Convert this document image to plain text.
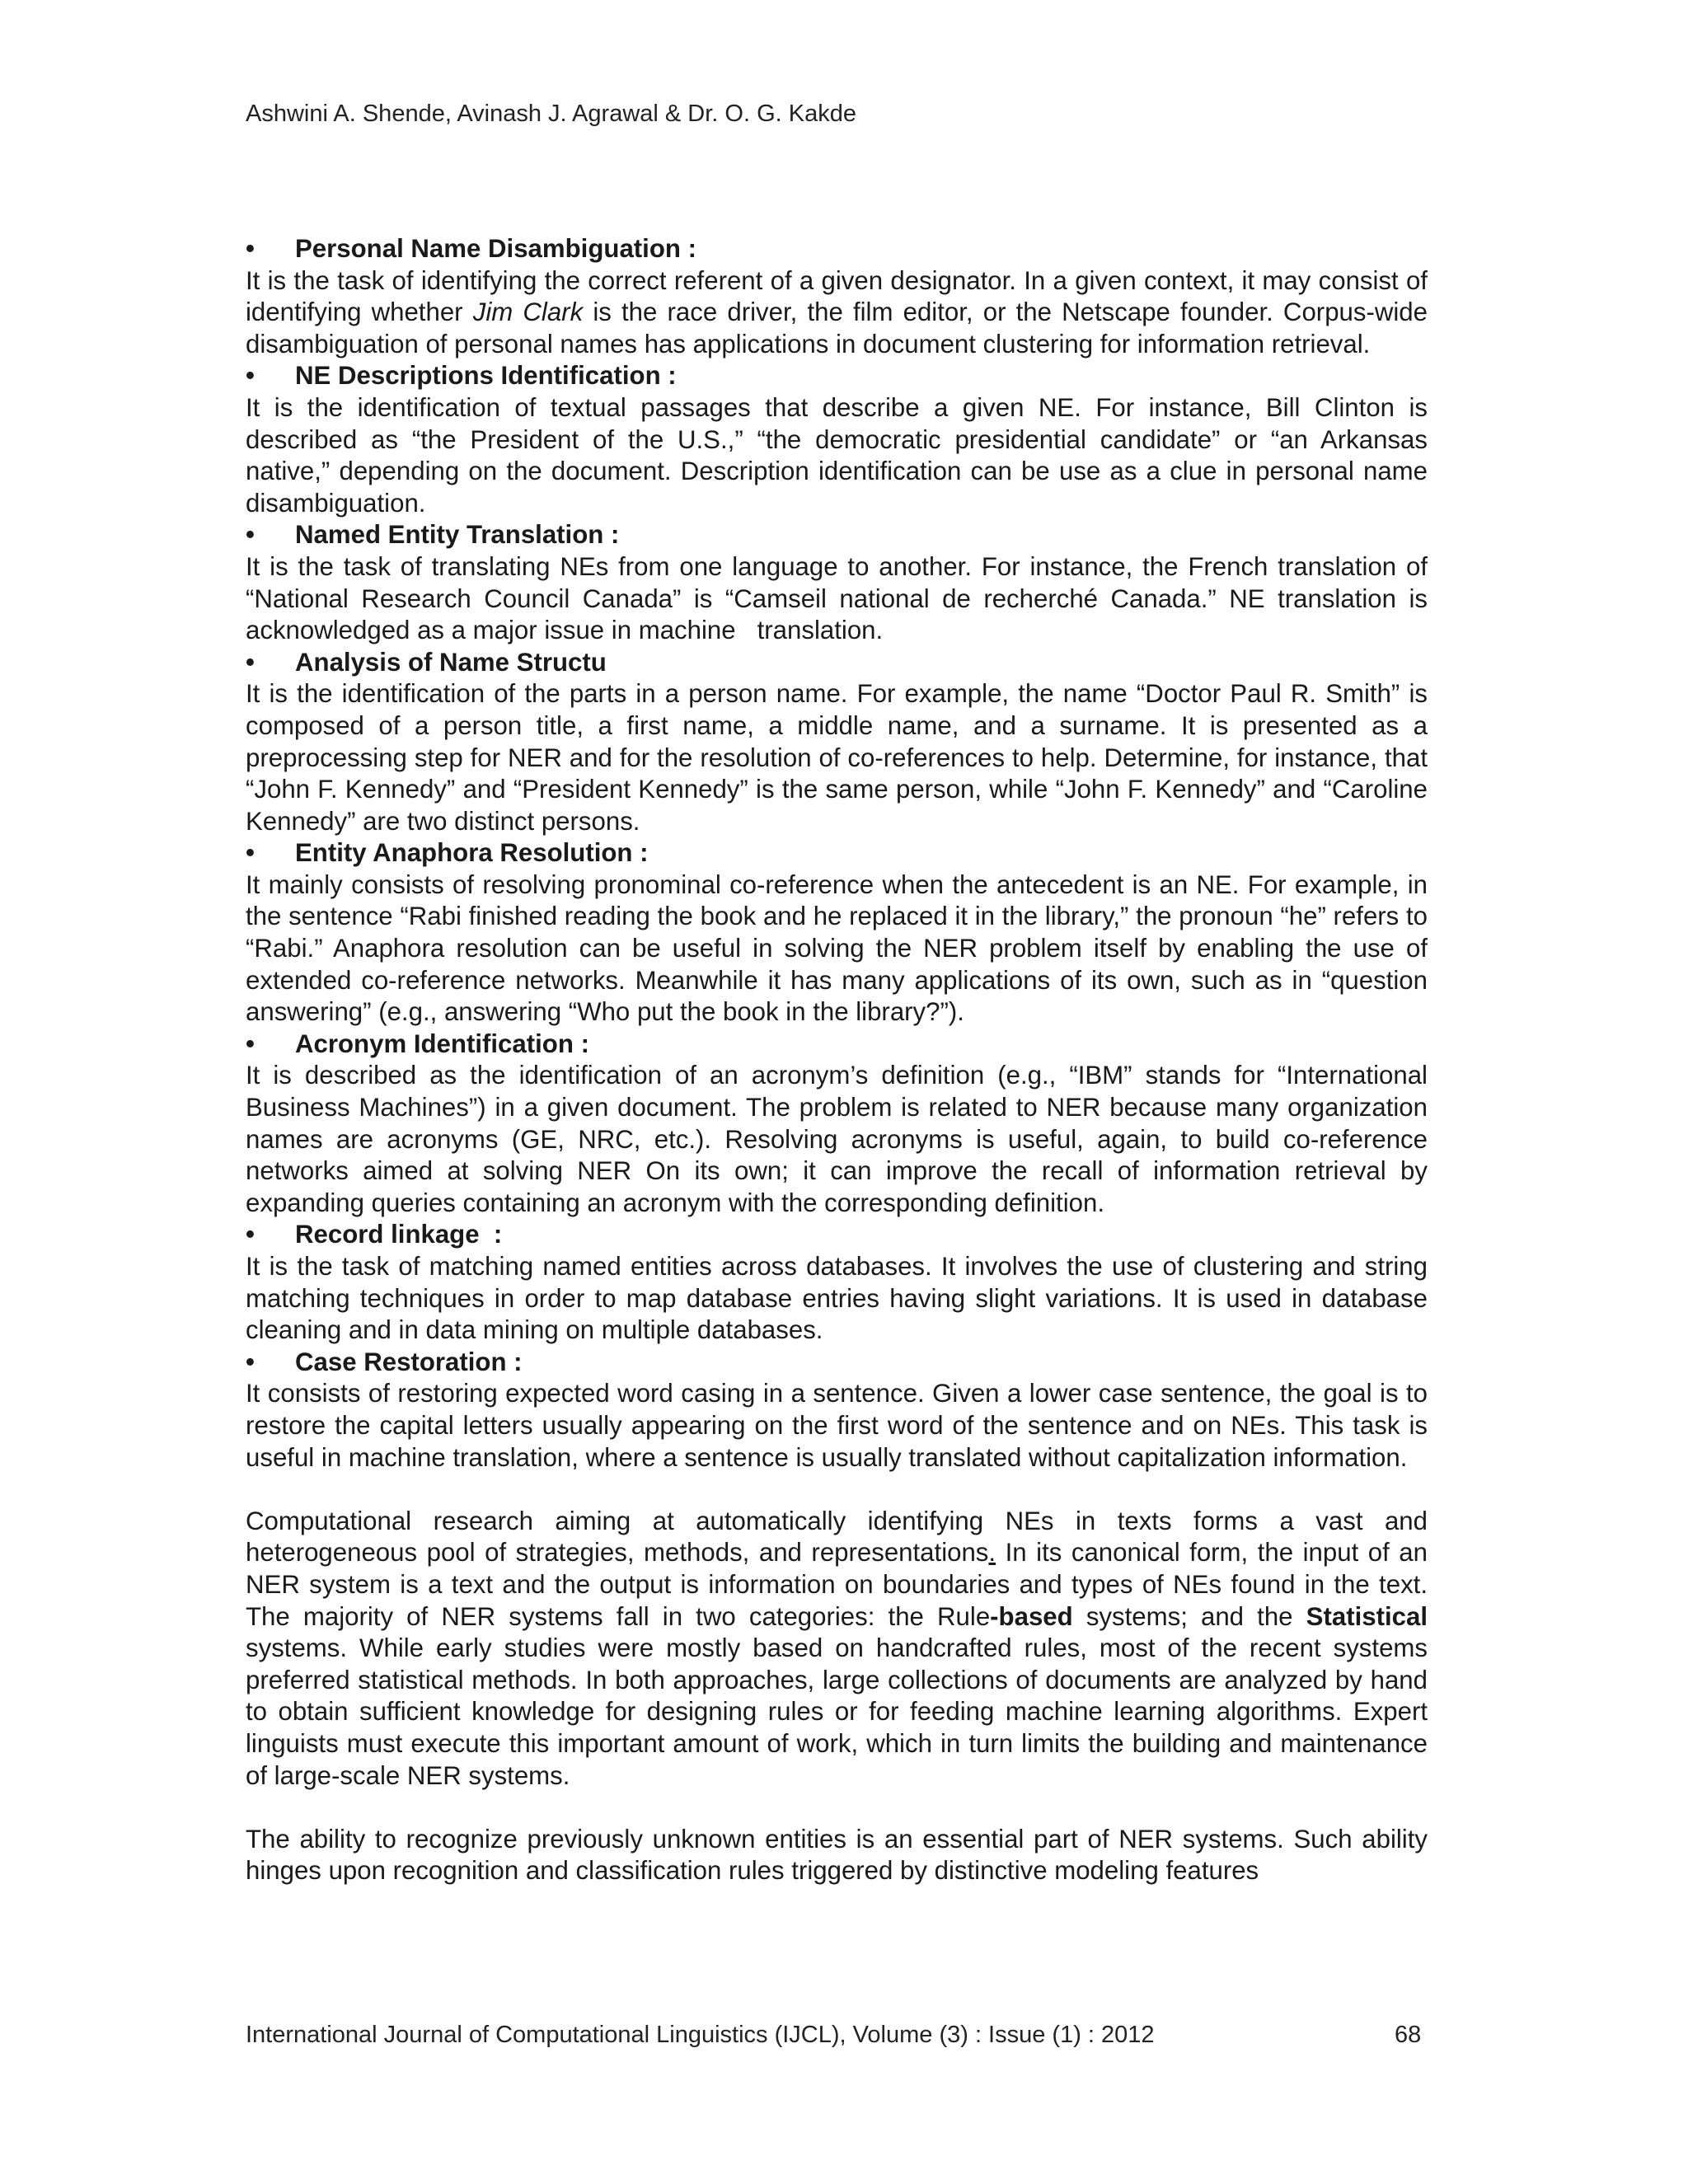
Ashwini A. Shende, Avinash J. Agrawal & Dr. O. G. Kakde

• Personal Name Disambiguation :

It is the task of identifying the correct referent of a given designator. In a given context, it may consist of identifying whether Jim Clark is the race driver, the film editor, or the Netscape founder. Corpus-wide disambiguation of personal names has applications in document clustering for information retrieval.

• NE Descriptions Identification :

It is the identification of textual passages that describe a given NE. For instance, Bill Clinton is described as “the President of the U.S.,” “the democratic presidential candidate” or “an Arkansas native,” depending on the document. Description identification can be use as a clue in personal name disambiguation.

• Named Entity Translation :

It is the task of translating NEs from one language to another. For instance, the French translation of “National Research Council Canada” is “Camseil national de recherché Canada.” NE translation is acknowledged as a major issue in machine   translation.

• Analysis of Name Structu

It is the identification of the parts in a person name. For example, the name “Doctor Paul R. Smith” is composed of a person title, a first name, a middle name, and a surname. It is presented as a preprocessing step for NER and for the resolution of co-references to help. Determine, for instance, that “John F. Kennedy” and “President Kennedy” is the same person, while “John F. Kennedy” and “Caroline Kennedy” are two distinct persons.

• Entity Anaphora Resolution :

It mainly consists of resolving pronominal co-reference when the antecedent is an NE. For example, in the sentence “Rabi finished reading the book and he replaced it in the library,” the pronoun “he” refers to “Rabi.” Anaphora resolution can be useful in solving the NER problem itself by enabling the use of extended co-reference networks. Meanwhile it has many applications of its own, such as in “question answering” (e.g., answering “Who put the book in the library?”).

• Acronym Identification :

It is described as the identification of an acronym’s definition (e.g., “IBM” stands for “International Business Machines”) in a given document. The problem is related to NER because many organization names are acronyms (GE, NRC, etc.). Resolving acronyms is useful, again, to build co-reference networks aimed at solving NER On its own; it can improve the recall of information retrieval by expanding queries containing an acronym with the corresponding definition.

• Record linkage  :

It is the task of matching named entities across databases. It involves the use of clustering and string matching techniques in order to map database entries having slight variations. It is used in database cleaning and in data mining on multiple databases.

• Case Restoration :

It consists of restoring expected word casing in a sentence. Given a lower case sentence, the goal is to restore the capital letters usually appearing on the first word of the sentence and on NEs. This task is useful in machine translation, where a sentence is usually translated without capitalization information.

Computational research aiming at automatically identifying NEs in texts forms a vast and heterogeneous pool of strategies, methods, and representations. In its canonical form, the input of an NER system is a text and the output is information on boundaries and types of NEs found in the text. The majority of NER systems fall in two categories: the Rule-based systems; and the Statistical systems. While early studies were mostly based on handcrafted rules, most of the recent systems preferred statistical methods. In both approaches, large collections of documents are analyzed by hand to obtain sufficient knowledge for designing rules or for feeding machine learning algorithms. Expert linguists must execute this important amount of work, which in turn limits the building and maintenance of large-scale NER systems.

The ability to recognize previously unknown entities is an essential part of NER systems. Such ability hinges upon recognition and classification rules triggered by distinctive modeling features

International Journal of Computational Linguistics (IJCL), Volume (3) : Issue (1) : 2012	68
